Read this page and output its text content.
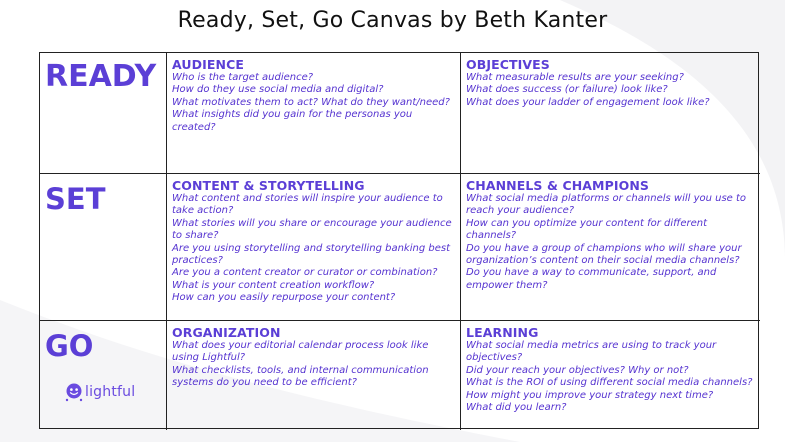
Ready, Set, Go Canvas by Beth Kanter
READY	AUDIENCE
Who is the target audience?
How do they use social media and digital?
What motivates them to act? What do they want/need?
What insights did you gain for the personas you created?
OBJECTIVES
What measurable results are your seeking?
What does success (or failure) look like?
What does your ladder of engagement look like?
SET	CONTENT & STORYTELLING
What content and stories will inspire your audience to take action?
What stories will you share or encourage your audience to share?
Are you using storytelling and storytelling banking best practices?
Are you a content creator or curator or combination?
What is your content creation workflow?
How can you easily repurpose your content?
CHANNELS & CHAMPIONS
What social media platforms or channels will you use to reach your audience?
How can you optimize your content for different channels?
Do you have a group of champions who will share your organization’s content on their social media channels?
Do you have a way to communicate, support, and empower them?
GO
lightful
ORGANIZATION
What does your editorial calendar process look like using Lightful?
What checklists, tools, and internal communication systems do you need to be efficient?
LEARNING
What social media metrics are using to track your objectives?
Did your reach your objectives? Why or not?
What is the ROI of using different social media channels?
How might you improve your strategy next time?
What did you learn?
